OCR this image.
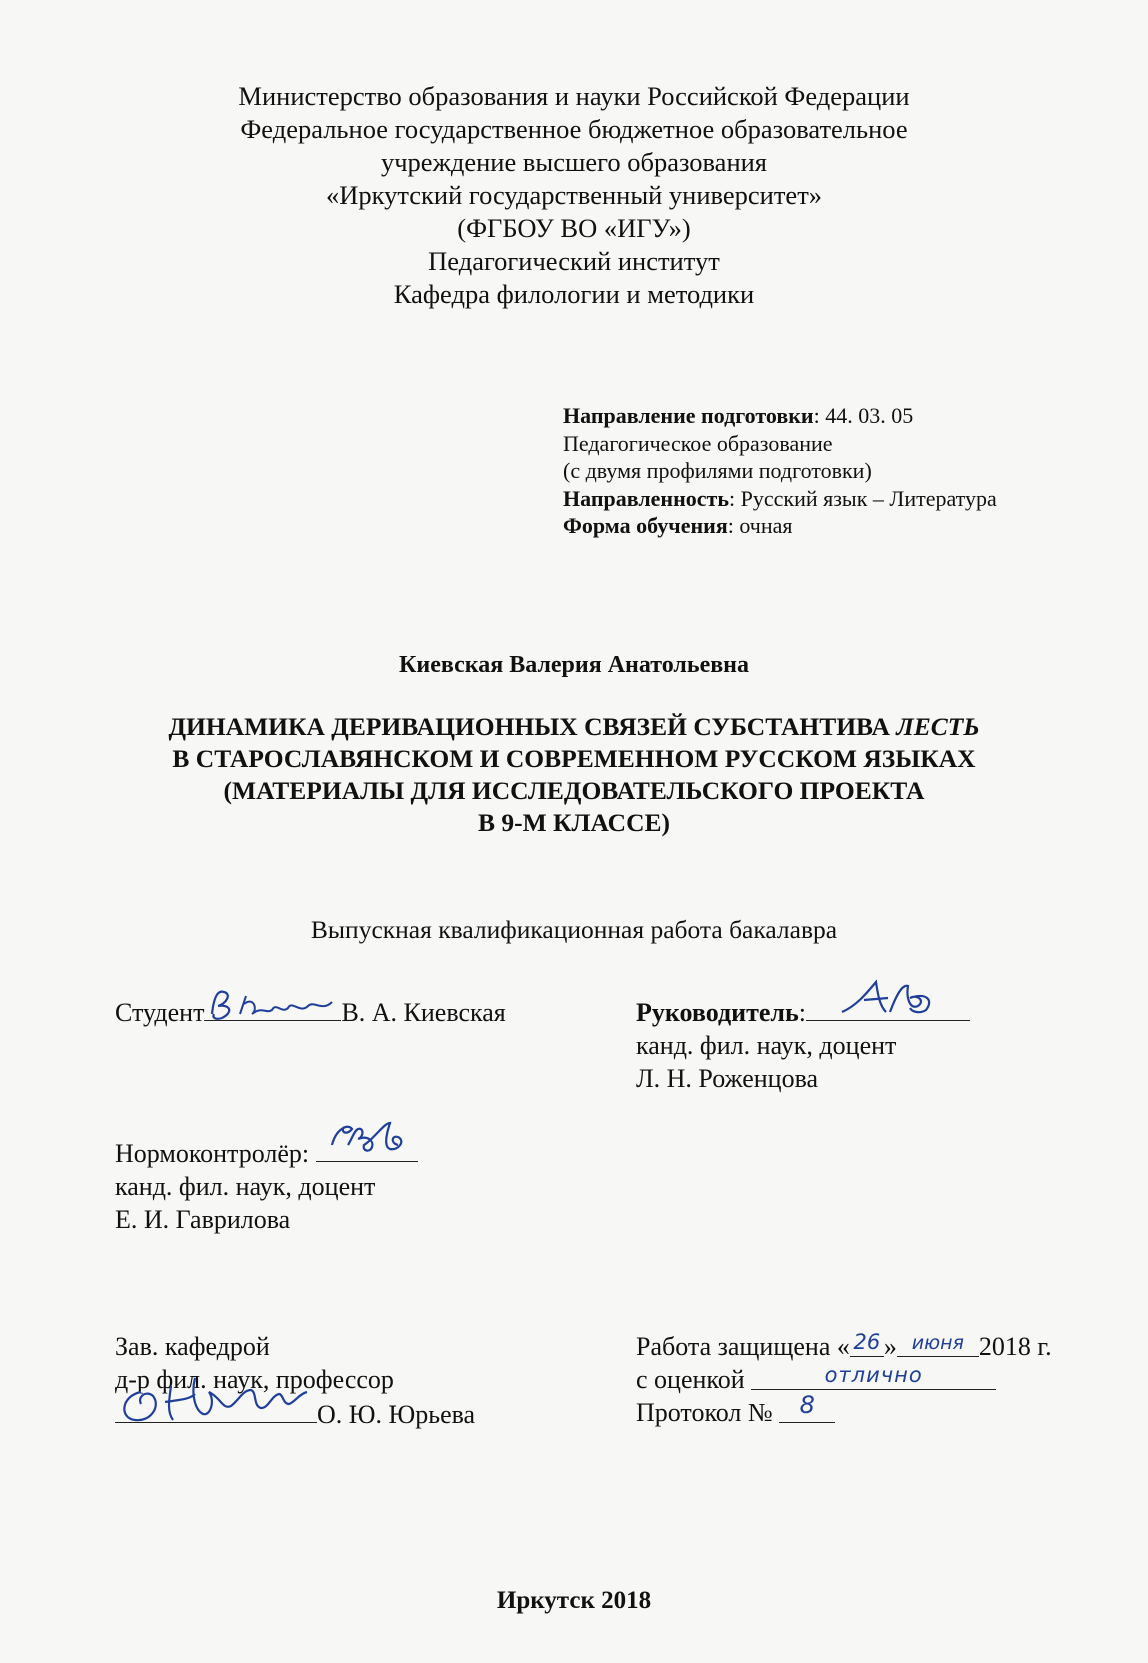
Министерство образования и науки Российской Федерации
Федеральное государственное бюджетное образовательное
учреждение высшего образования
«Иркутский государственный университет»
(ФГБОУ ВО «ИГУ»)
Педагогический институт
Кафедра филологии и методики
Направление подготовки: 44. 03. 05
Педагогическое образование
(с двумя профилями подготовки)
Направленность: Русский язык – Литература
Форма обучения: очная
Киевская Валерия Анатольевна
ДИНАМИКА ДЕРИВАЦИОННЫХ СВЯЗЕЙ СУБСТАНТИВА ЛЕСТЬ
В СТАРОСЛАВЯНСКОМ И СОВРЕМЕННОМ РУССКОМ ЯЗЫКАХ
(МАТЕРИАЛЫ ДЛЯ ИССЛЕДОВАТЕЛЬСКОГО ПРОЕКТА
В 9-М КЛАССЕ)
Выпускная квалификационная работа бакалавра
Студент	В. А. Киевская	Руководитель:
канд. фил. наук, доцент
Л. Н. Роженцова
Нормоконтролёр:
канд. фил. наук, доцент
Е. И. Гаврилова
Зав. кафедрой
д-р фил. наук, профессор
О. Ю. Юрьева
Работа защищена « $^{26}$ » $^{июня}$ 2018 г.
с оценкой	$^{отлично}$
Протокол № 8
Иркутск 2018
